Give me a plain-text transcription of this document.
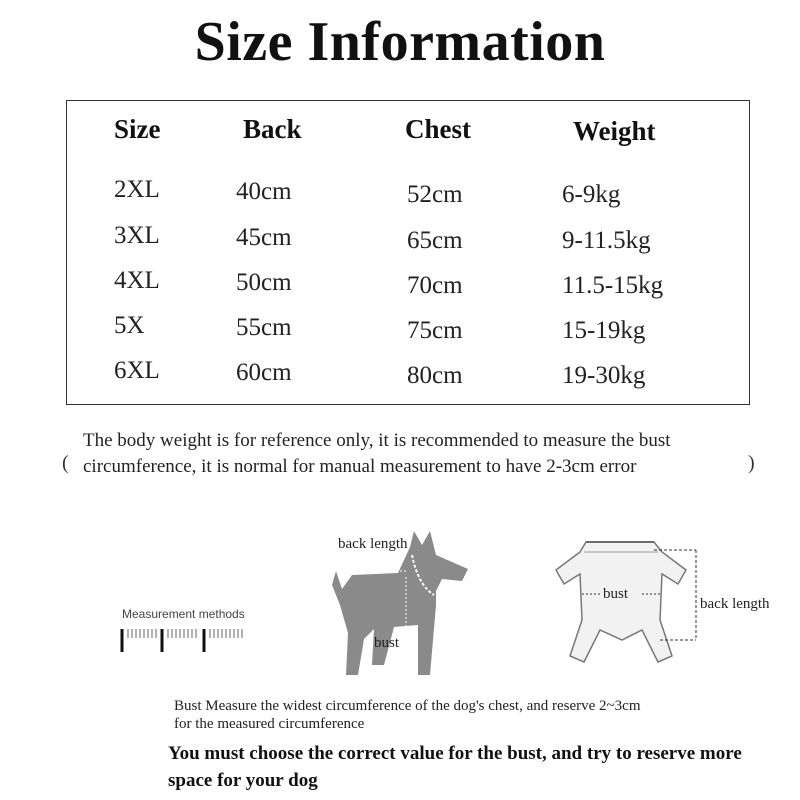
Size Information
Size	Back	Chest	Weight
2XL	40cm	52cm	6-9kg
3XL	45cm	65cm	9-11.5kg
4XL	50cm	70cm	11.5-15kg
5X	55cm	75cm	15-19kg
6XL	60cm	80cm	19-30kg
(
The body weight is for reference only, it is recommended to measure the bust circumference, it is normal for manual measurement to have 2-3cm error	)
Measurement methods
back length
bust
bust
back length
Bust Measure the widest circumference of the dog's chest, and reserve 2~3cm for the measured circumference
You must choose the correct value for the bust, and try to reserve more space for your dog
